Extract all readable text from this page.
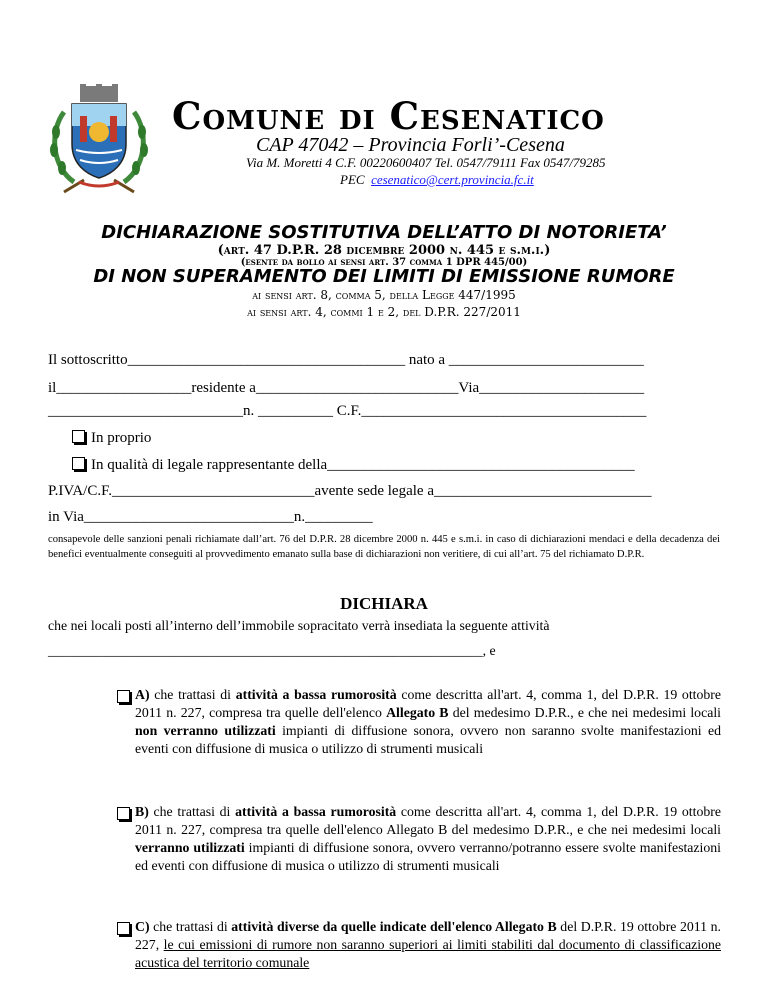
Comune di Cesenatico
CAP 47042 – Provincia Forli’-Cesena
Via M. Moretti 4 C.F. 00220600407 Tel. 0547/79111 Fax 0547/79285
PEC cesenatico@cert.provincia.fc.it
DICHIARAZIONE SOSTITUTIVA DELL’ATTO DI NOTORIETA’
(art. 47 D.P.R. 28 dicembre 2000 n. 445 e s.m.i.)
(esente da bollo ai sensi art. 37 comma 1 DPR 445/00)
DI NON SUPERAMENTO DEI LIMITI DI EMISSIONE RUMORE
ai sensi art. 8, comma 5, della Legge 447/1995
ai sensi art. 4, commi 1 e 2, del D.P.R. 227/2011
Il sottoscritto_____________________________________ nato a __________________________
il__________________residente a___________________________Via______________________
__________________________n. __________ C.F.______________________________________
In proprio
In qualità di legale rappresentante della_________________________________________
P.IVA/C.F.___________________________avente sede legale a_____________________________
in Via____________________________n._________
consapevole delle sanzioni penali richiamate dall’art. 76 del D.P.R. 28 dicembre 2000 n. 445 e s.m.i. in caso di dichiarazioni mendaci e della decadenza dei benefici eventualmente conseguiti al provvedimento emanato sulla base di dichiarazioni non veritiere, di cui all’art. 75 del richiamato D.P.R.
DICHIARA
che nei locali posti all’interno dell’immobile sopracitato verrà insediata la seguente attività
_______________________________________________________________, e

A) che trattasi di attività a bassa rumorosità come descritta all'art. 4, comma 1, del D.P.R. 19 ottobre 2011 n. 227, compresa tra quelle dell'elenco Allegato B del medesimo D.P.R., e che nei medesimi locali non verranno utilizzati impianti di diffusione sonora, ovvero non saranno svolte manifestazioni ed eventi con diffusione di musica o utilizzo di strumenti musicali

B) che trattasi di attività a bassa rumorosità come descritta all'art. 4, comma 1, del D.P.R. 19 ottobre 2011 n. 227, compresa tra quelle dell'elenco Allegato B del medesimo D.P.R., e che nei medesimi locali verranno utilizzati impianti di diffusione sonora, ovvero verranno/potranno essere svolte manifestazioni ed eventi con diffusione di musica o utilizzo di strumenti musicali

C) che trattasi di attività diverse da quelle indicate dell'elenco Allegato B del D.P.R. 19 ottobre 2011 n. 227, le cui emissioni di rumore non saranno superiori ai limiti stabiliti dal documento di classificazione acustica del territorio comunale
